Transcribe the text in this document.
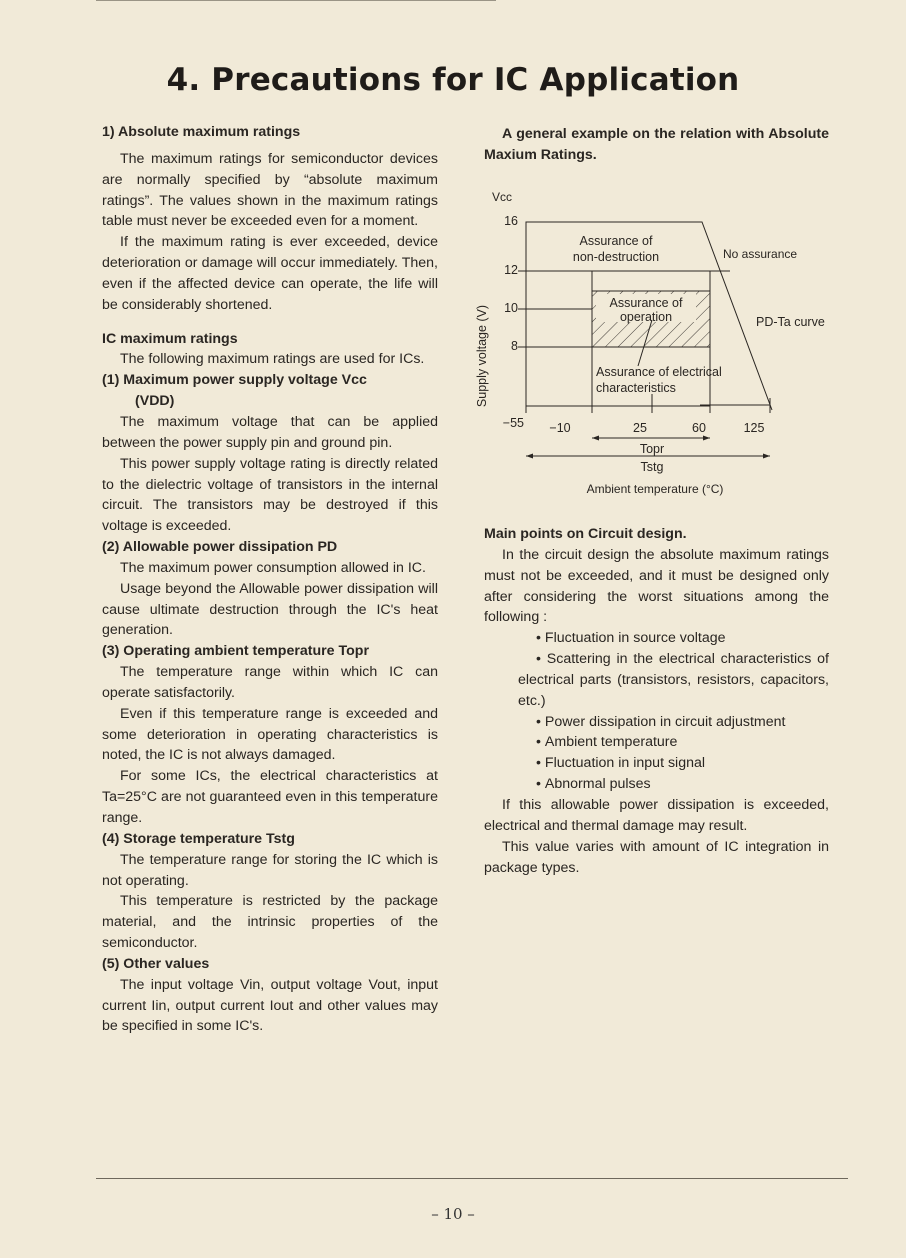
4. Precautions for IC Application

1) Absolute maximum ratings

The maximum ratings for semiconductor devices are normally specified by “absolute maximum ratings”. The values shown in the maximum ratings table must never be exceeded even for a moment.

If the maximum rating is ever exceeded, device deterioration or damage will occur immediately. Then, even if the affected device can operate, the life will be considerably shortened.

IC maximum ratings

The following maximum ratings are used for ICs.

(1) Maximum power supply voltage Vcc

(VDD)

The maximum voltage that can be applied between the power supply pin and ground pin.

This power supply voltage rating is directly related to the dielectric voltage of transistors in the internal circuit. The transistors may be destroyed if this voltage is exceeded.

(2) Allowable power dissipation PD

The maximum power consumption allowed in IC.

Usage beyond the Allowable power dissipation will cause ultimate destruction through the IC's heat generation.

(3) Operating ambient temperature Topr

The temperature range within which IC can operate satisfactorily.

Even if this temperature range is exceeded and some deterioration in operating characteristics is noted, the IC is not always damaged.

For some ICs, the electrical characteristics at Ta=25°C are not guaranteed even in this temperature range.

(4) Storage temperature Tstg

The temperature range for storing the IC which is not operating.

This temperature is restricted by the package material, and the intrinsic properties of the semiconductor.

(5) Other values

The input voltage Vin, output voltage Vout, input current Iin, output current Iout and other values may be specified in some IC's.

A general example on the relation with Absolute Maxium Ratings.

Vcc
Supply voltage (V)
16
12
10
8
−55
Assurance of
non-destruction	No assurance
Assurance of
operation	PD-Ta curve
Assurance of electrical
characteristics
−10	25	60	125
Topr
Tstg
Ambient temperature (°C)

Main points on Circuit design.

In the circuit design the absolute maximum ratings must not be exceeded, and it must be designed only after considering the worst situations among the following :

• Fluctuation in source voltage

• Scattering in the electrical characteristics of electrical parts (transistors, resistors, capacitors, etc.)

• Power dissipation in circuit adjustment

• Ambient temperature

• Fluctuation in input signal

• Abnormal pulses

If this allowable power dissipation is exceeded, electrical and thermal damage may result.

This value varies with amount of IC integration in package types.

– 10 –
